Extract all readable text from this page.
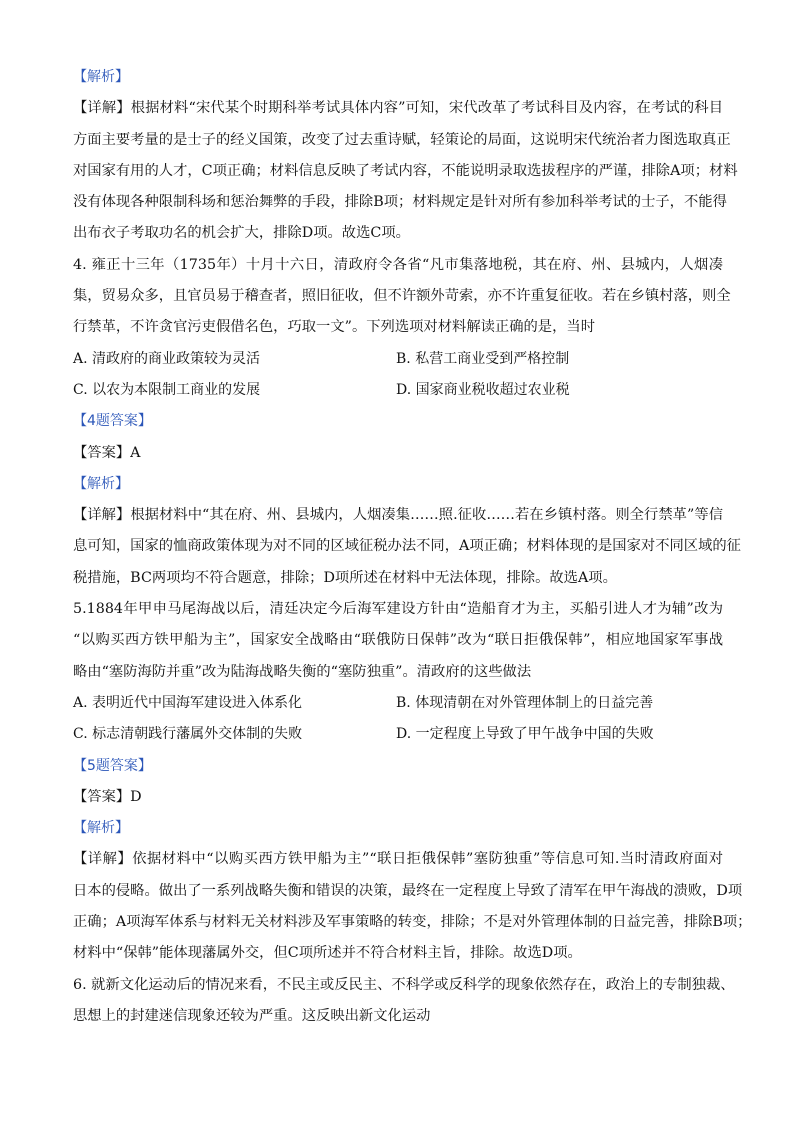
【解析】
【详解】根据材料“宋代某个时期科举考试具体内容”可知，宋代改革了考试科目及内容，在考试的科目
方面主要考量的是士子的经义国策，改变了过去重诗赋，轻策论的局面，这说明宋代统治者力图选取真正
对国家有用的人才，C项正确；材料信息反映了考试内容，不能说明录取选拔程序的严谨，排除A项；材料
没有体现各种限制科场和惩治舞弊的手段，排除B项；材料规定是针对所有参加科举考试的士子，不能得
出布衣子考取功名的机会扩大，排除D项。故选C项。
4. 雍正十三年（1735年）十月十六日，清政府令各省“凡市集落地税，其在府、州、县城内，人烟凑
集，贸易众多，且官员易于稽查者，照旧征收，但不许额外苛索，亦不许重复征收。若在乡镇村落，则全
行禁革，不许贪官污吏假借名色，巧取一文”。下列选项对材料解读正确的是，当时
A. 清政府的商业政策较为灵活	B. 私营工商业受到严格控制
C. 以农为本限制工商业的发展	D. 国家商业税收超过农业税
【4题答案】
【答案】A
【解析】
【详解】根据材料中“其在府、州、县城内，人烟凑集……照.征收……若在乡镇村落。则全行禁革”等信
息可知，国家的恤商政策体现为对不同的区域征税办法不同，A项正确；材料体现的是国家对不同区域的征
税措施，BC两项均不符合题意，排除；D项所述在材料中无法体现，排除。故选A项。
5.1884年甲申马尾海战以后，清廷决定今后海军建设方针由“造船育才为主，买船引进人才为辅”改为
“以购买西方铁甲船为主”，国家安全战略由“联俄防日保韩”改为“联日拒俄保韩”，相应地国家军事战
略由“塞防海防并重”改为陆海战略失衡的“塞防独重”。清政府的这些做法
A. 表明近代中国海军建设进入体系化	B. 体现清朝在对外管理体制上的日益完善
C. 标志清朝践行藩属外交体制的失败	D. 一定程度上导致了甲午战争中国的失败
【5题答案】
【答案】D
【解析】
【详解】依据材料中“以购买西方铁甲船为主”“联日拒俄保韩”塞防独重”等信息可知.当时清政府面对
日本的侵略。做出了一系列战略失衡和错误的决策，最终在一定程度上导致了清军在甲午海战的溃败，D项
正确；A项海军体系与材料无关材料涉及军事策略的转变，排除；不是对外管理体制的日益完善，排除B项；
材料中“保韩”能体现藩属外交，但C项所述并不符合材料主旨，排除。故选D项。
6. 就新文化运动后的情况来看，不民主或反民主、不科学或反科学的现象依然存在，政治上的专制独裁、
思想上的封建迷信现象还较为严重。这反映出新文化运动
